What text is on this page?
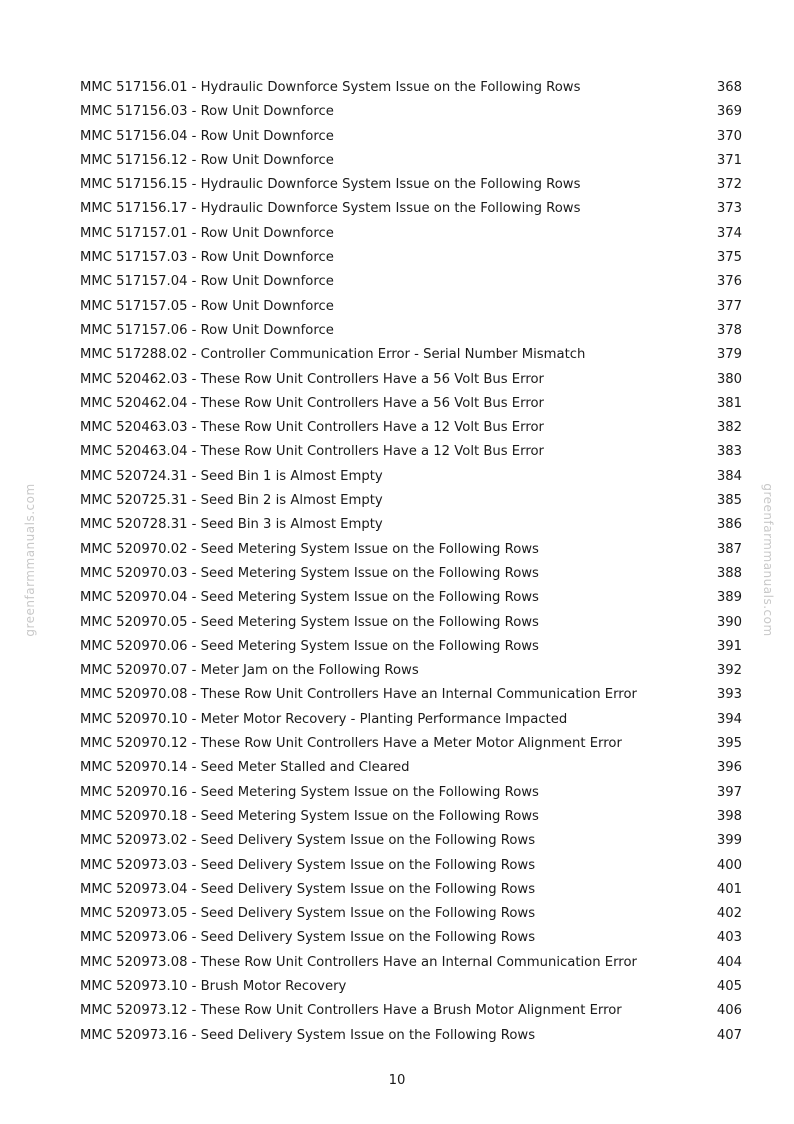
greenfarmmanuals.com	greenfarmmanuals.com
MMC 517156.01 - Hydraulic Downforce System Issue on the Following Rows	368
MMC 517156.03 - Row Unit Downforce	369
MMC 517156.04 - Row Unit Downforce	370
MMC 517156.12 - Row Unit Downforce	371
MMC 517156.15 - Hydraulic Downforce System Issue on the Following Rows	372
MMC 517156.17 - Hydraulic Downforce System Issue on the Following Rows	373
MMC 517157.01 - Row Unit Downforce	374
MMC 517157.03 - Row Unit Downforce	375
MMC 517157.04 - Row Unit Downforce	376
MMC 517157.05 - Row Unit Downforce	377
MMC 517157.06 - Row Unit Downforce	378
MMC 517288.02 - Controller Communication Error - Serial Number Mismatch	379
MMC 520462.03 - These Row Unit Controllers Have a 56 Volt Bus Error	380
MMC 520462.04 - These Row Unit Controllers Have a 56 Volt Bus Error	381
MMC 520463.03 - These Row Unit Controllers Have a 12 Volt Bus Error	382
MMC 520463.04 - These Row Unit Controllers Have a 12 Volt Bus Error	383
MMC 520724.31 - Seed Bin 1 is Almost Empty	384
MMC 520725.31 - Seed Bin 2 is Almost Empty	385
MMC 520728.31 - Seed Bin 3 is Almost Empty	386
MMC 520970.02 - Seed Metering System Issue on the Following Rows	387
MMC 520970.03 - Seed Metering System Issue on the Following Rows	388
MMC 520970.04 - Seed Metering System Issue on the Following Rows	389
MMC 520970.05 - Seed Metering System Issue on the Following Rows	390
MMC 520970.06 - Seed Metering System Issue on the Following Rows	391
MMC 520970.07 - Meter Jam on the Following Rows	392
MMC 520970.08 - These Row Unit Controllers Have an Internal Communication Error	393
MMC 520970.10 - Meter Motor Recovery - Planting Performance Impacted	394
MMC 520970.12 - These Row Unit Controllers Have a Meter Motor Alignment Error	395
MMC 520970.14 - Seed Meter Stalled and Cleared	396
MMC 520970.16 - Seed Metering System Issue on the Following Rows	397
MMC 520970.18 - Seed Metering System Issue on the Following Rows	398
MMC 520973.02 - Seed Delivery System Issue on the Following Rows	399
MMC 520973.03 - Seed Delivery System Issue on the Following Rows	400
MMC 520973.04 - Seed Delivery System Issue on the Following Rows	401
MMC 520973.05 - Seed Delivery System Issue on the Following Rows	402
MMC 520973.06 - Seed Delivery System Issue on the Following Rows	403
MMC 520973.08 - These Row Unit Controllers Have an Internal Communication Error	404
MMC 520973.10 - Brush Motor Recovery	405
MMC 520973.12 - These Row Unit Controllers Have a Brush Motor Alignment Error	406
MMC 520973.16 - Seed Delivery System Issue on the Following Rows	407
10
